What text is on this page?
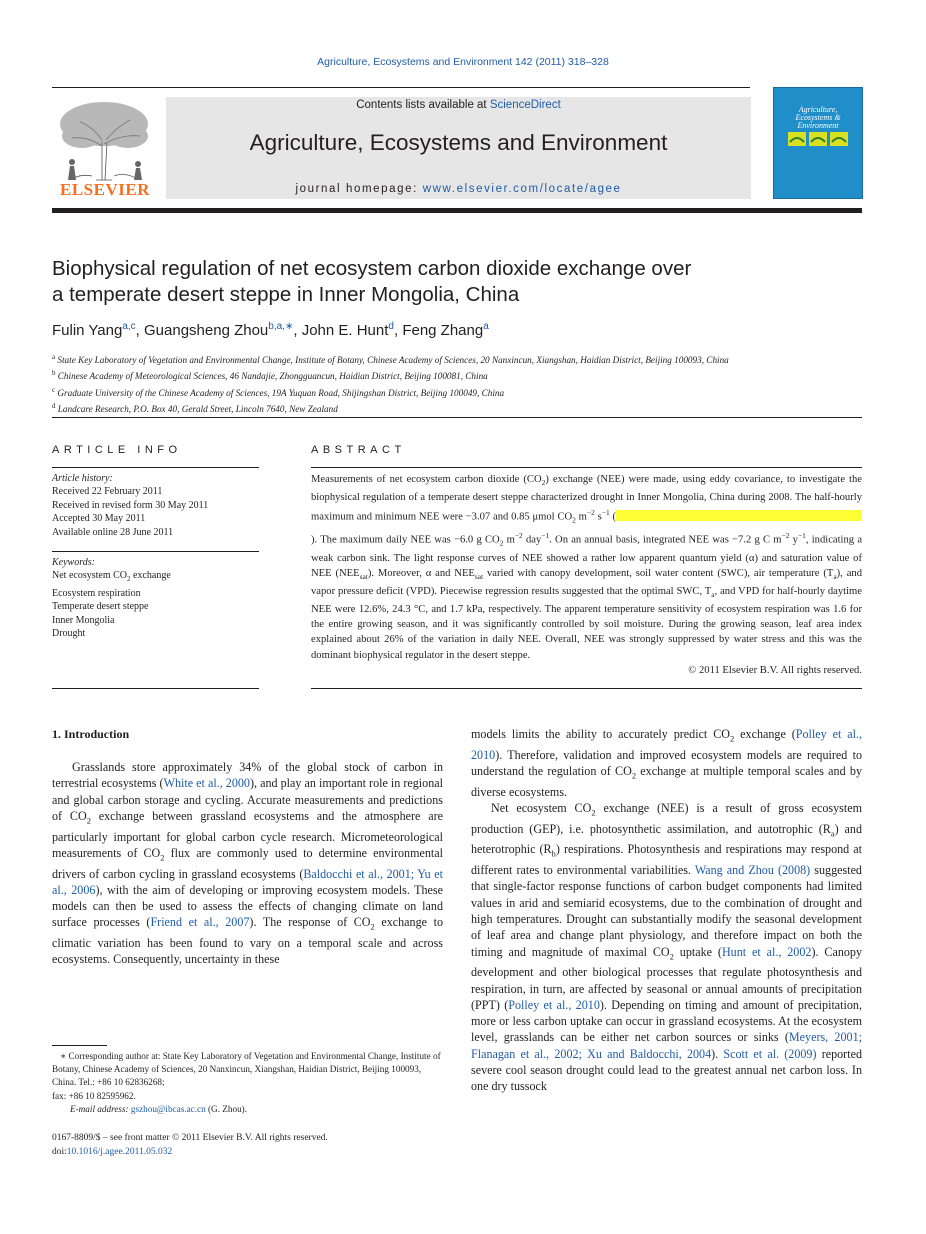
Agriculture, Ecosystems and Environment 142 (2011) 318–328
ELSEVIER
Contents lists available at ScienceDirect
Agriculture, Ecosystems and Environment
journal homepage: www.elsevier.com/locate/agee
Agriculture,
Ecosystems &
Environment
Biophysical regulation of net ecosystem carbon dioxide exchange over
a temperate desert steppe in Inner Mongolia, China
Fulin Yang$^{a,c}$, Guangsheng Zhou$^{b,a,∗}$, John E. Hunt$^d$, Feng Zhang$^a$
$^a$ State Key Laboratory of Vegetation and Environmental Change, Institute of Botany, Chinese Academy of Sciences, 20 Nanxincun, Xiangshan, Haidian District, Beijing 100093, China
$^b$ Chinese Academy of Meteorological Sciences, 46 Nandajie, Zhongguancun, Haidian District, Beijing 100081, China
$^c$ Graduate University of the Chinese Academy of Sciences, 19A Yuquan Road, Shijingshan District, Beijing 100049, China
$^d$ Landcare Research, P.O. Box 40, Gerald Street, Lincoln 7640, New Zealand
ARTICLE INFO	ABSTRACT
Article history:
Received 22 February 2011
Received in revised form 30 May 2011
Accepted 30 May 2011
Available online 28 June 2011
Keywords:
Net ecosystem $CO_2$ exchange
Ecosystem respiration
Temperate desert steppe
Inner Mongolia
Drought

Measurements of net ecosystem carbon dioxide $(CO_2)$ exchange (NEE) were made, using eddy covariance, to investigate the biophysical regulation of a temperate desert steppe characterized drought in Inner Mongolia, China during 2008. The half-hourly maximum and minimum NEE were −3.07 and 0.85 μmol $CO_2$ $m^{-2}$ $s^{-1}$ (). The maximum daily NEE was −6.0 g $CO_2$ $m^{-2}$ day$^{-1}$. On an annual basis, integrated NEE was −7.2 g C $m^{-2}$ $y^{-1}$, indicating a weak carbon sink. The light response curves of NEE showed a rather low apparent quantum yield (α) and saturation value of NEE $(NEE_{sat})$. Moreover, α and $NEE_{sat}$ varied with canopy development, soil water content (SWC), air temperature $(T_a)$, and vapor pressure deficit (VPD). Piecewise regression results suggested that the optimal SWC, $T_a$, and VPD for half-hourly daytime NEE were 12.6%, 24.3 °C, and 1.7 kPa, respectively. The apparent temperature sensitivity of ecosystem respiration was 1.6 for the entire growing season, and it was significantly controlled by soil moisture. During the growing season, leaf area index explained about 26% of the variation in daily NEE. Overall, NEE was strongly suppressed by water stress and this was the dominant biophysical regulator in the desert steppe.

© 2011 Elsevier B.V. All rights reserved.

1. Introduction

Grasslands store approximately 34% of the global stock of carbon in terrestrial ecosystems (White et al., 2000), and play an important role in regional and global carbon storage and cycling. Accurate measurements and predictions of $CO_2$ exchange between grassland ecosystems and the atmosphere are particularly important for global carbon cycle research. Micrometeorological measurements of $CO_2$ flux are commonly used to determine environmental drivers of carbon cycling in grassland ecosystems (Baldocchi et al., 2001; Yu et al., 2006), with the aim of developing or improving ecosystem models. These models can then be used to assess the effects of changing climate on land surface processes (Friend et al., 2007). The response of $CO_2$ exchange to climatic variation has been found to vary on a temporal scale and across ecosystems. Consequently, uncertainty in these

models limits the ability to accurately predict $CO_2$ exchange (Polley et al., 2010). Therefore, validation and improved ecosystem models are required to understand the regulation of $CO_2$ exchange at multiple temporal scales and by diverse ecosystems.

Net ecosystem $CO_2$ exchange (NEE) is a result of gross ecosystem production (GEP), i.e. photosynthetic assimilation, and autotrophic $(R_a)$ and heterotrophic $(R_h)$ respirations. Photosynthesis and respirations may respond at different rates to environmental variabilities. Wang and Zhou (2008) suggested that single-factor response functions of carbon budget components had limited values in arid and semiarid ecosystems, due to the combination of drought and high temperatures. Drought can substantially modify the seasonal development of leaf area and change plant physiology, and therefore impact on both the timing and magnitude of maximal $CO_2$ uptake (Hunt et al., 2002). Canopy development and other biological processes that regulate photosynthesis and respiration, in turn, are affected by seasonal or annual amounts of precipitation (PPT) (Polley et al., 2010). Depending on timing and amount of precipitation, more or less carbon uptake can occur in grassland ecosystems. At the ecosystem level, grasslands can be either net carbon sources or sinks (Meyers, 2001; Flanagan et al., 2002; Xu and Baldocchi, 2004). Scott et al. (2009) reported severe cool season drought could lead to the greatest annual net carbon loss. In one dry tussock

∗ Corresponding author at: State Key Laboratory of Vegetation and Environmental Change, Institute of Botany, Chinese Academy of Sciences, 20 Nanxincun, Xiangshan, Haidian District, Beijing 100093, China. Tel.: +86 10 62836268;
fax: +86 10 82595962.
E-mail address: gszhou@ibcas.ac.cn (G. Zhou).
0167-8809/$ – see front matter © 2011 Elsevier B.V. All rights reserved.
doi:10.1016/j.agee.2011.05.032
